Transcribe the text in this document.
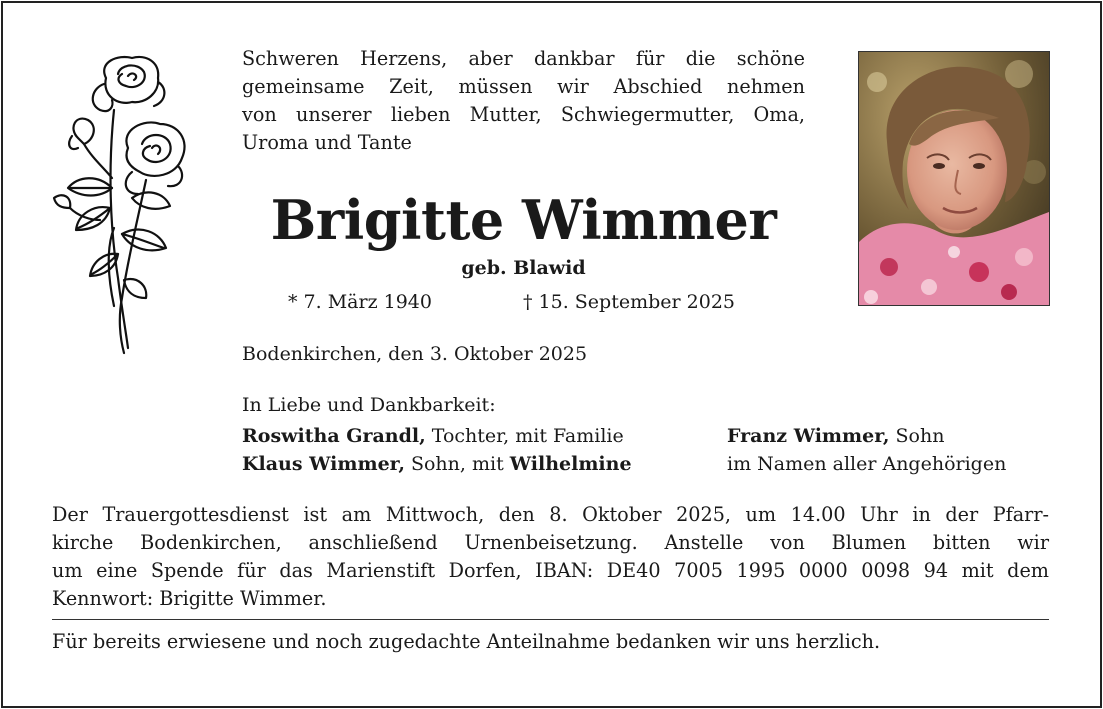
Schweren Herzens, aber dankbar für die schöne
gemeinsame Zeit, müssen wir Abschied nehmen
von unserer lieben Mutter, Schwiegermutter, Oma,
Uroma und Tante
Brigitte Wimmer
geb. Blawid
* 7. März 1940	† 15. September 2025
Bodenkirchen, den 3. Oktober 2025
In Liebe und Dankbarkeit:
Roswitha Grandl, Tochter, mit Familie
Klaus Wimmer, Sohn, mit Wilhelmine
Franz Wimmer, Sohn
im Namen aller Angehörigen
Der Trauergottesdienst ist am Mittwoch, den 8. Oktober 2025, um 14.00 Uhr in der Pfarr-
kirche Bodenkirchen, anschließend Urnenbeisetzung. Anstelle von Blumen bitten wir
um eine Spende für das Marienstift Dorfen, IBAN: DE40 7005 1995 0000 0098 94 mit dem
Kennwort: Brigitte Wimmer.
Für bereits erwiesene und noch zugedachte Anteilnahme bedanken wir uns herzlich.
